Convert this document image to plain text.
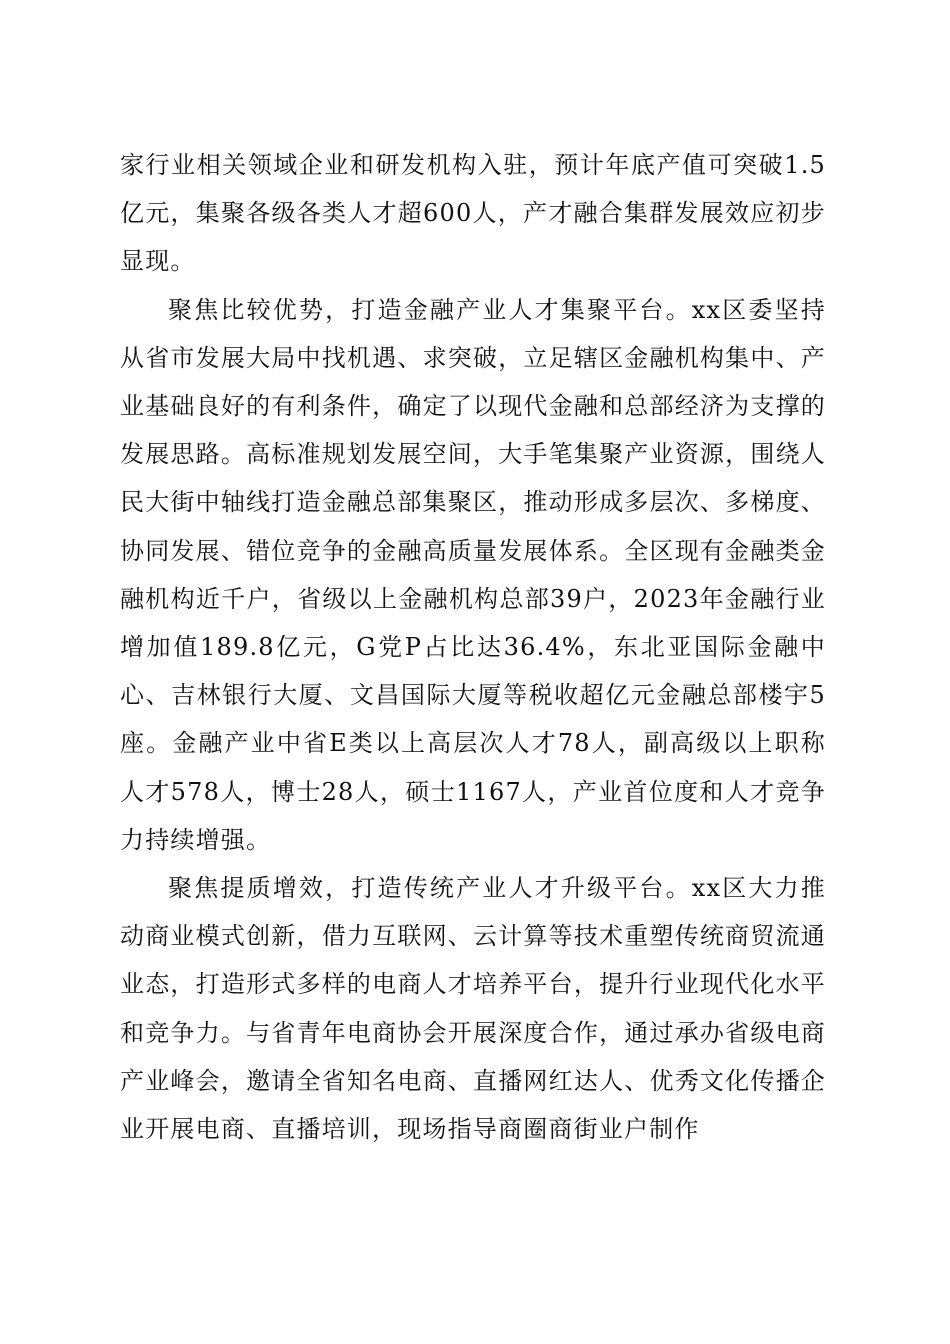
家行业相关领域企业和研发机构入驻，预计年底产值可突破1.5亿元，集聚各级各类人才超600人，产才融合集群发展效应初步显现。

聚焦比较优势，打造金融产业人才集聚平台。xx区委坚持从省市发展大局中找机遇、求突破，立足辖区金融机构集中、产业基础良好的有利条件，确定了以现代金融和总部经济为支撑的发展思路。高标准规划发展空间，大手笔集聚产业资源，围绕人民大街中轴线打造金融总部集聚区，推动形成多层次、多梯度、协同发展、错位竞争的金融高质量发展体系。全区现有金融类金融机构近千户，省级以上金融机构总部39户，2023年金融行业增加值189.8亿元，G党P占比达36.4%，东北亚国际金融中心、吉林银行大厦、文昌国际大厦等税收超亿元金融总部楼宇5座。金融产业中省E类以上高层次人才78人，副高级以上职称人才578人，博士28人，硕士1167人，产业首位度和人才竞争力持续增强。

聚焦提质增效，打造传统产业人才升级平台。xx区大力推动商业模式创新，借力互联网、云计算等技术重塑传统商贸流通业态，打造形式多样的电商人才培养平台，提升行业现代化水平和竞争力。与省青年电商协会开展深度合作，通过承办省级电商产业峰会，邀请全省知名电商、直播网红达人、优秀文化传播企业开展电商、直播培训，现场指导商圈商街业户制作
